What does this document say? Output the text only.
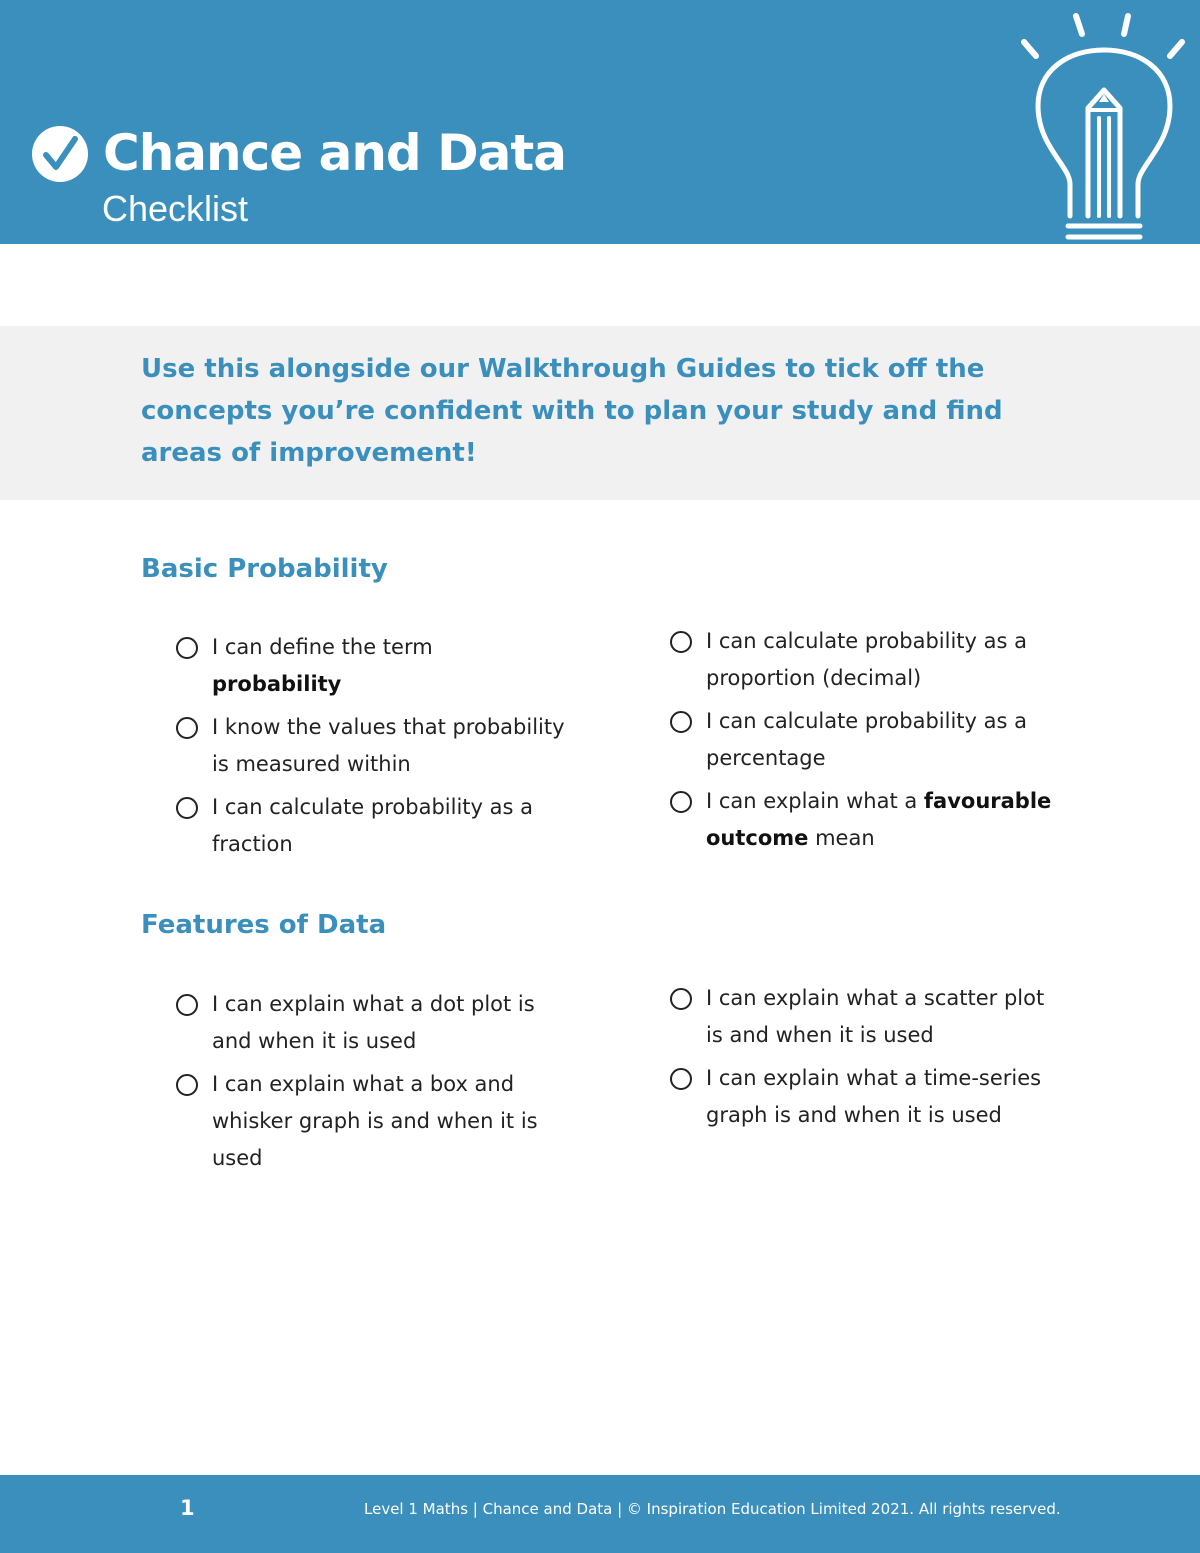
Chance and Data
Checklist

Use this alongside our Walkthrough Guides to tick off the concepts you’re confident with to plan your study and find areas of improvement!

Basic Probability
I can define the term probability
I know the values that probability is measured within
I can calculate probability as a fraction
I can calculate probability as a proportion (decimal)
I can calculate probability as a percentage
I can explain what a favourable outcome mean
Features of Data
I can explain what a dot plot is and when it is used
I can explain what a box and whisker graph is and when it is used
I can explain what a scatter plot is and when it is used
I can explain what a time-series graph is and when it is used
1	Level 1 Maths | Chance and Data | © Inspiration Education Limited 2021. All rights reserved.
